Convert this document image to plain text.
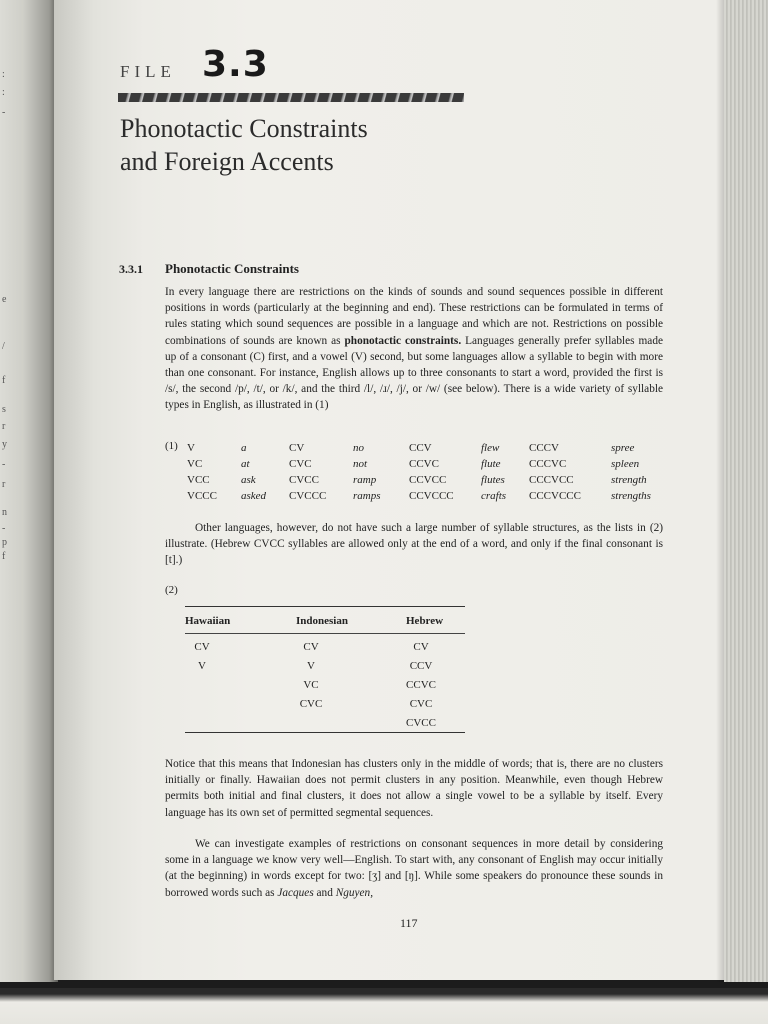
:
:
-
e
/
f
s
r
y
-
r
n
-
p
f
FILE 3.3
Phonotactic Constraints
and Foreign Accents
3.3.1 Phonotactic Constraints

In every language there are restrictions on the kinds of sounds and sound sequences possible in different positions in words (particularly at the beginning and end). These restrictions can be formulated in terms of rules stating which sound sequences are possible in a language and which are not. Restrictions on possible combinations of sounds are known as phonotactic constraints. Languages generally prefer syllables made up of a consonant (C) first, and a vowel (V) second, but some languages allow a syllable to begin with more than one consonant. For instance, English allows up to three consonants to start a word, provided the first is /s/, the second /p/, /t/, or /k/, and the third /l/, /ɹ/, /j/, or /w/ (see below). There is a wide variety of syllable types in English, as illustrated in (1)

(1) V
VC
VCC
VCCC
a
at
ask
asked
CV
CVC
CVCC
CVCCC
no
not
ramp
ramps
CCV
CCVC
CCVCC
CCVCCC
flew
flute
flutes
crafts
CCCV
CCCVC
CCCVCC
CCCVCCC
spree
spleen
strength
strengths

Other languages, however, do not have such a large number of syllable structures, as the lists in (2) illustrate. (Hebrew CVCC syllables are allowed only at the end of a word, and only if the final consonant is [t].)

(2)
Hawaiian	Indonesian	Hebrew
CV
V
CV
V
VC
CVC
CV
CCV
CCVC
CVC
CVCC

Notice that this means that Indonesian has clusters only in the middle of words; that is, there are no clusters initially or finally. Hawaiian does not permit clusters in any position. Meanwhile, even though Hebrew permits both initial and final clusters, it does not allow a single vowel to be a syllable by itself. Every language has its own set of permitted segmental sequences.

We can investigate examples of restrictions on consonant sequences in more detail by considering some in a language we know very well—English. To start with, any consonant of English may occur initially (at the beginning) in words except for two: [ʒ] and [ŋ]. While some speakers do pronounce these sounds in borrowed words such as Jacques and Nguyen,

117
